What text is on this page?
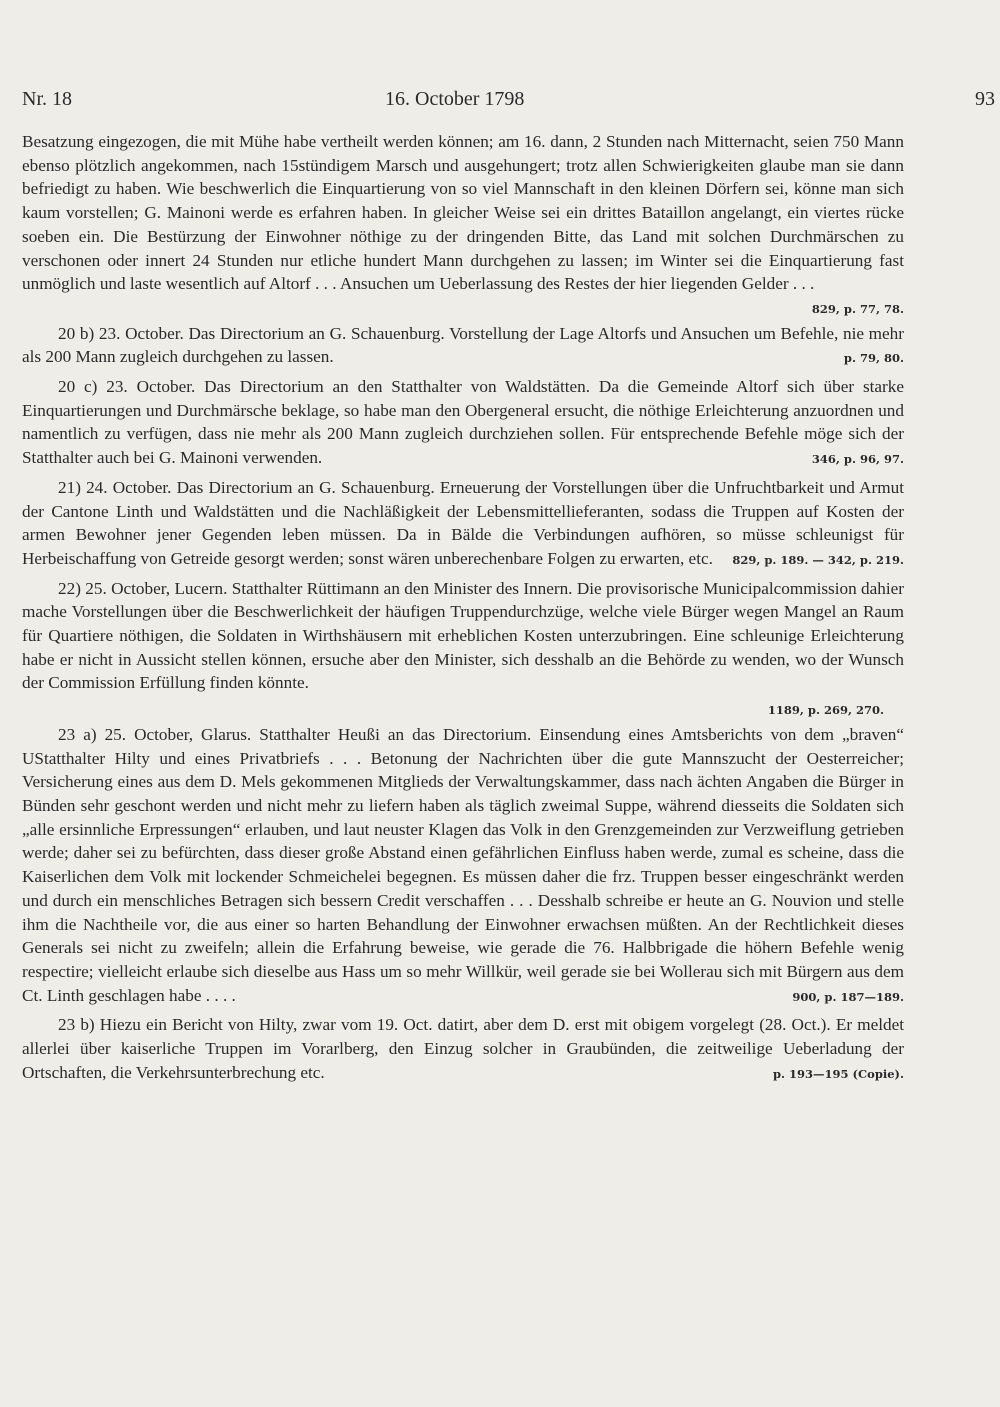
Nr. 18	16. October 1798	93

Besatzung eingezogen, die mit Mühe habe vertheilt werden können; am 16. dann, 2 Stunden nach Mitternacht, seien 750 Mann ebenso plötzlich angekommen, nach 15stündigem Marsch und ausgehungert; trotz allen Schwierigkeiten glaube man sie dann befriedigt zu haben. Wie beschwerlich die Einquartierung von so viel Mannschaft in den kleinen Dörfern sei, könne man sich kaum vorstellen; G. Mainoni werde es erfahren haben. In gleicher Weise sei ein drittes Bataillon angelangt, ein viertes rücke soeben ein. Die Bestürzung der Einwohner nöthige zu der dringenden Bitte, das Land mit solchen Durchmärschen zu verschonen oder innert 24 Stunden nur etliche hundert Mann durchgehen zu lassen; im Winter sei die Einquartierung fast unmöglich und laste wesentlich auf Altorf . . . Ansuchen um Ueberlassung des Restes der hier liegenden Gelder . . .
829, p. 77, 78.

20 b) 23. October. Das Directorium an G. Schauenburg. Vorstellung der Lage Altorfs und Ansuchen um Befehle, nie mehr als 200 Mann zugleich durchgehen zu lassen.	p. 79, 80.

20 c) 23. October. Das Directorium an den Statthalter von Waldstätten. Da die Gemeinde Altorf sich über starke Einquartierungen und Durchmärsche beklage, so habe man den Obergeneral ersucht, die nöthige Erleichterung anzuordnen und namentlich zu verfügen, dass nie mehr als 200 Mann zugleich durchziehen sollen. Für entsprechende Befehle möge sich der Statthalter auch bei G. Mainoni verwenden.	346, p. 96, 97.

21) 24. October. Das Directorium an G. Schauenburg. Erneuerung der Vorstellungen über die Unfruchtbarkeit und Armut der Cantone Linth und Waldstätten und die Nachläßigkeit der Lebensmittellieferanten, sodass die Truppen auf Kosten der armen Bewohner jener Gegenden leben müssen. Da in Bälde die Verbindungen aufhören, so müsse schleunigst für Herbeischaffung von Getreide gesorgt werden; sonst wären unberechenbare Folgen zu erwarten, etc. 829, p. 189. — 342, p. 219.

22) 25. October, Lucern. Statthalter Rüttimann an den Minister des Innern. Die provisorische Municipalcommission dahier mache Vorstellungen über die Beschwerlichkeit der häufigen Truppendurchzüge, welche viele Bürger wegen Mangel an Raum für Quartiere nöthigen, die Soldaten in Wirthshäusern mit erheblichen Kosten unterzubringen. Eine schleunige Erleichterung habe er nicht in Aussicht stellen können, ersuche aber den Minister, sich desshalb an die Behörde zu wenden, wo der Wunsch der Commission Erfüllung finden könnte.

1189, p. 269, 270.

23 a) 25. October, Glarus. Statthalter Heußi an das Directorium. Einsendung eines Amtsberichts von dem „braven“ UStatthalter Hilty und eines Privatbriefs . . . Betonung der Nachrichten über die gute Mannszucht der Oesterreicher; Versicherung eines aus dem D. Mels gekommenen Mitglieds der Verwaltungskammer, dass nach ächten Angaben die Bürger in Bünden sehr geschont werden und nicht mehr zu liefern haben als täglich zweimal Suppe, während diesseits die Soldaten sich „alle ersinnliche Erpressungen“ erlauben, und laut neuster Klagen das Volk in den Grenzgemeinden zur Verzweiflung getrieben werde; daher sei zu befürchten, dass dieser große Abstand einen gefährlichen Einfluss haben werde, zumal es scheine, dass die Kaiserlichen dem Volk mit lockender Schmeichelei begegnen. Es müssen daher die frz. Truppen besser eingeschränkt werden und durch ein menschliches Betragen sich bessern Credit verschaffen . . . Desshalb schreibe er heute an G. Nouvion und stelle ihm die Nachtheile vor, die aus einer so harten Behandlung der Einwohner erwachsen müßten. An der Rechtlichkeit dieses Generals sei nicht zu zweifeln; allein die Erfahrung beweise, wie gerade die 76. Halbbrigade die höhern Befehle wenig respectire; vielleicht erlaube sich dieselbe aus Hass um so mehr Willkür, weil gerade sie bei Wollerau sich mit Bürgern aus dem Ct. Linth geschlagen habe . . . .	900, p. 187—189.

23 b) Hiezu ein Bericht von Hilty, zwar vom 19. Oct. datirt, aber dem D. erst mit obigem vorgelegt (28. Oct.). Er meldet allerlei über kaiserliche Truppen im Vorarlberg, den Einzug solcher in Graubünden, die zeitweilige Ueberladung der Ortschaften, die Verkehrsunterbrechung etc.	p. 193—195 (Copie).
